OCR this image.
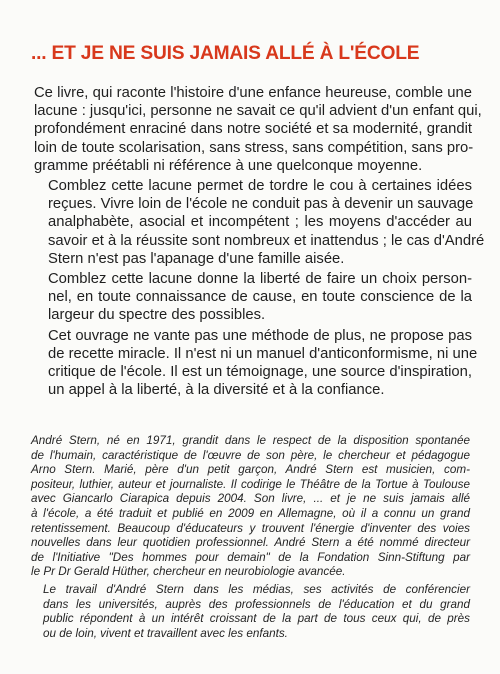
... ET JE NE SUIS JAMAIS ALLÉ À L'ÉCOLE

Ce livre, qui raconte l'histoire d'une enfance heureuse, comble une
lacune : jusqu'ici, personne ne savait ce qu'il advient d'un enfant qui,
profondément enraciné dans notre société et sa modernité, grandit
loin de toute scolarisation, sans stress, sans compétition, sans pro-
gramme préétabli ni référence à une quelconque moyenne.

Comblez cette lacune permet de tordre le cou à certaines idées
reçues. Vivre loin de l'école ne conduit pas à devenir un sauvage
analphabète, asocial et incompétent ; les moyens d'accéder au
savoir et à la réussite sont nombreux et inattendus ; le cas d'André
Stern n'est pas l'apanage d'une famille aisée.

Comblez cette lacune donne la liberté de faire un choix person-
nel, en toute connaissance de cause, en toute conscience de la
largeur du spectre des possibles.

Cet ouvrage ne vante pas une méthode de plus, ne propose pas
de recette miracle. Il n'est ni un manuel d'anticonformisme, ni une
critique de l'école. Il est un témoignage, une source d'inspiration,
un appel à la liberté, à la diversité et à la confiance.

André Stern, né en 1971, grandit dans le respect de la disposition spontanée
de l'humain, caractéristique de l'œuvre de son père, le chercheur et pédagogue
Arno Stern. Marié, père d'un petit garçon, André Stern est musicien, com-
positeur, luthier, auteur et journaliste. Il codirige le Théâtre de la Tortue à Toulouse
avec Giancarlo Ciarapica depuis 2004. Son livre, ... et je ne suis jamais allé
à l'école, a été traduit et publié en 2009 en Allemagne, où il a connu un grand
retentissement. Beaucoup d'éducateurs y trouvent l'énergie d'inventer des voies
nouvelles dans leur quotidien professionnel. André Stern a été nommé directeur
de l'Initiative "Des hommes pour demain" de la Fondation Sinn-Stiftung par
le Pr Dr Gerald Hüther, chercheur en neurobiologie avancée.

Le travail d'André Stern dans les médias, ses activités de conférencier
dans les universités, auprès des professionnels de l'éducation et du grand
public répondent à un intérêt croissant de la part de tous ceux qui, de près
ou de loin, vivent et travaillent avec les enfants.
